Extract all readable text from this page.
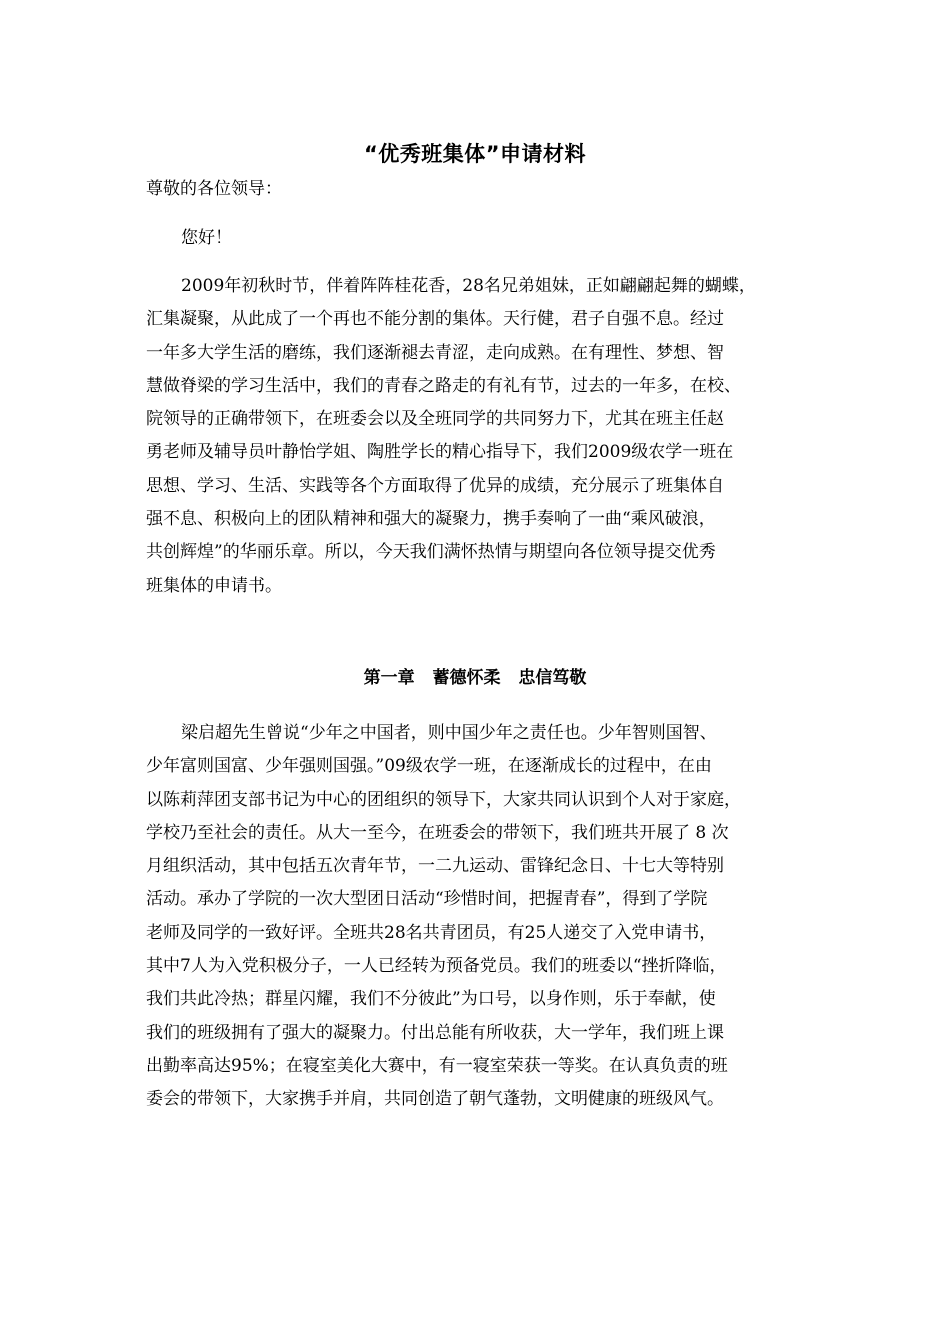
“优秀班集体”申请材料
尊敬的各位领导：
您好！
2009年初秋时节，伴着阵阵桂花香，28名兄弟姐妹，正如翩翩起舞的蝴蝶，
汇集凝聚，从此成了一个再也不能分割的集体。天行健，君子自强不息。经过
一年多大学生活的磨练，我们逐渐褪去青涩，走向成熟。在有理性、梦想、智
慧做脊梁的学习生活中，我们的青春之路走的有礼有节，过去的一年多，在校、
院领导的正确带领下，在班委会以及全班同学的共同努力下，尤其在班主任赵
勇老师及辅导员叶静怡学姐、陶胜学长的精心指导下，我们2009级农学一班在
思想、学习、生活、实践等各个方面取得了优异的成绩，充分展示了班集体自
强不息、积极向上的团队精神和强大的凝聚力，携手奏响了一曲“乘风破浪，
共创辉煌”的华丽乐章。所以，今天我们满怀热情与期望向各位领导提交优秀
班集体的申请书。
第一章 蓄德怀柔 忠信笃敬
梁启超先生曾说“少年之中国者，则中国少年之责任也。少年智则国智、
少年富则国富、少年强则国强。”09级农学一班，在逐渐成长的过程中，在由
以陈莉萍团支部书记为中心的团组织的领导下，大家共同认识到个人对于家庭，
学校乃至社会的责任。从大一至今，在班委会的带领下，我们班共开展了 8 次
月组织活动，其中包括五次青年节，一二九运动、雷锋纪念日、十七大等特别
活动。承办了学院的一次大型团日活动“珍惜时间，把握青春”，得到了学院
老师及同学的一致好评。全班共28名共青团员，有25人递交了入党申请书，
其中7人为入党积极分子，一人已经转为预备党员。我们的班委以“挫折降临，
我们共此冷热；群星闪耀，我们不分彼此”为口号，以身作则，乐于奉献，使
我们的班级拥有了强大的凝聚力。付出总能有所收获，大一学年，我们班上课
出勤率高达95%；在寝室美化大赛中，有一寝室荣获一等奖。在认真负责的班
委会的带领下，大家携手并肩，共同创造了朝气蓬勃，文明健康的班级风气。
